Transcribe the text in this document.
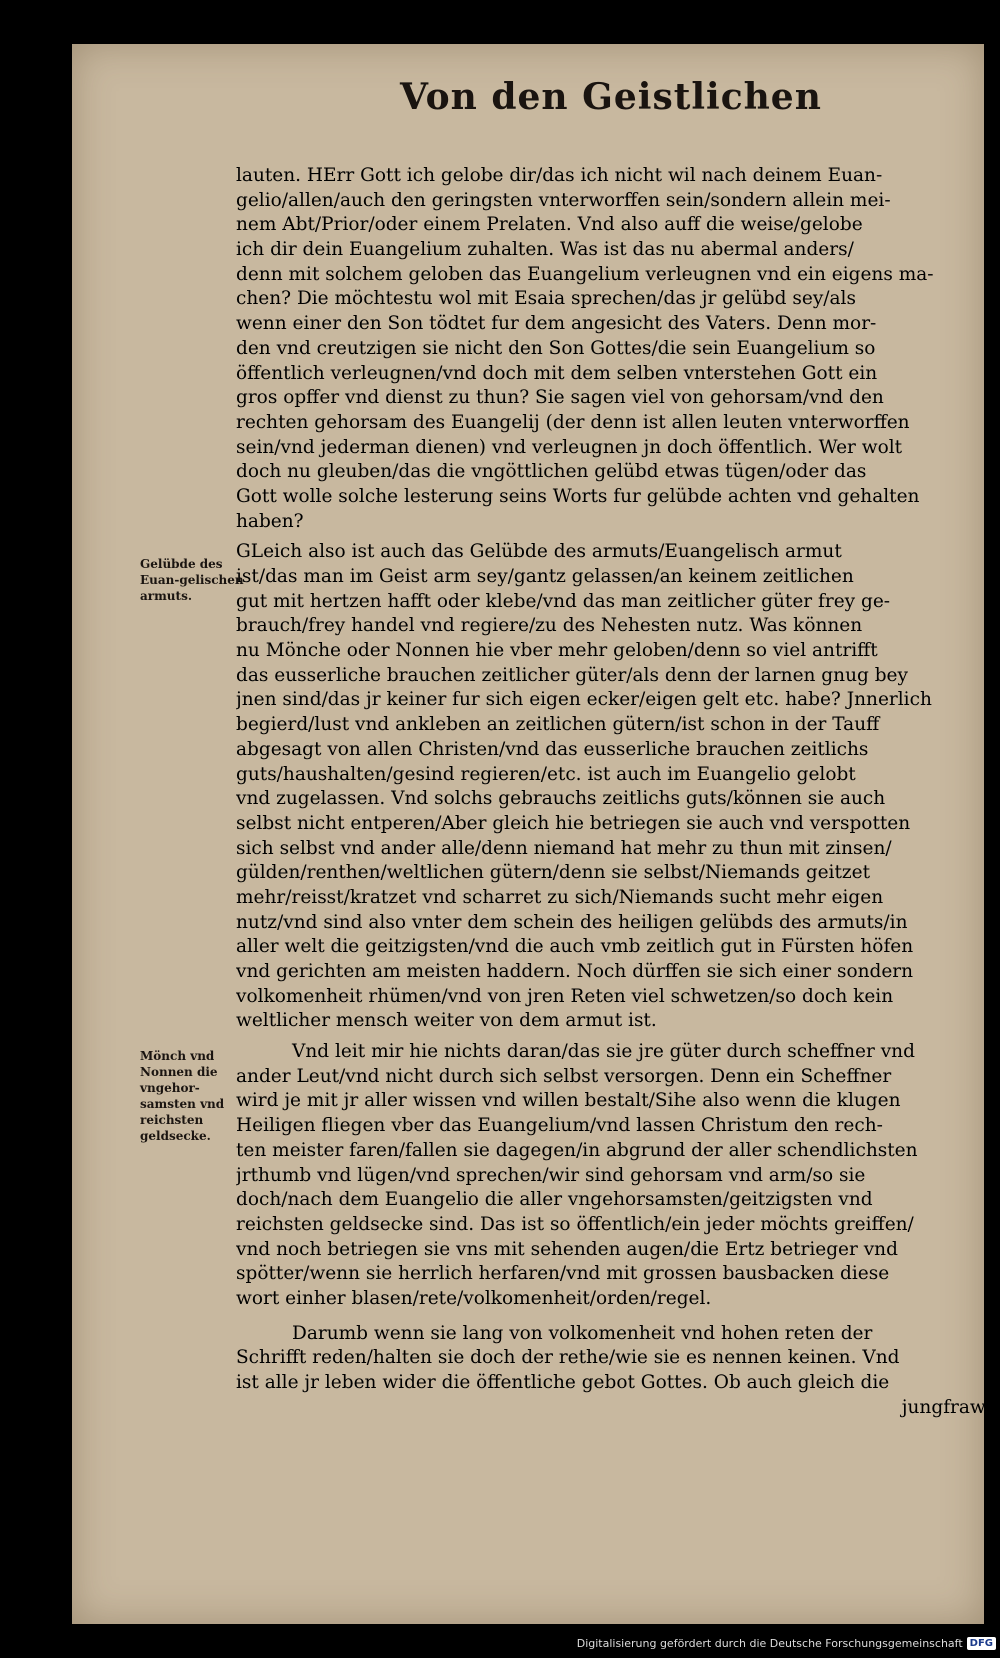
Von den Geistlichen
lauten. HErr Gott ich gelobe dir/das ich nicht wil nach deinem Euan-
gelio/allen/auch den geringsten vnterworffen sein/sondern allein mei-
nem Abt/Prior/oder einem Prelaten. Vnd also auff die weise/gelobe
ich dir dein Euangelium zuhalten. Was ist das nu abermal anders/
denn mit solchem geloben das Euangelium verleugnen vnd ein eigens ma-
chen? Die möchtestu wol mit Esaia sprechen/das jr gelübd sey/als
wenn einer den Son tödtet fur dem angesicht des Vaters. Denn mor-
den vnd creutzigen sie nicht den Son Gottes/die sein Euangelium so
öffentlich verleugnen/vnd doch mit dem selben vnterstehen Gott ein
gros opffer vnd dienst zu thun? Sie sagen viel von gehorsam/vnd den
rechten gehorsam des Euangelij (der denn ist allen leuten vnterworffen
sein/vnd jederman dienen) vnd verleugnen jn doch öffentlich. Wer wolt
doch nu gleuben/das die vngöttlichen gelübd etwas tügen/oder das
Gott wolle solche lesterung seins Worts fur gelübde achten vnd gehalten
haben?
GLeich also ist auch das Gelübde des armuts/Euangelisch armut
ist/das man im Geist arm sey/gantz gelassen/an keinem zeitlichen
gut mit hertzen hafft oder klebe/vnd das man zeitlicher güter frey ge-
brauch/frey handel vnd regiere/zu des Nehesten nutz. Was können
nu Mönche oder Nonnen hie vber mehr geloben/denn so viel antrifft
das eusserliche brauchen zeitlicher güter/als denn der larnen gnug bey
jnen sind/das jr keiner fur sich eigen ecker/eigen gelt etc. habe? Jnnerlich
begierd/lust vnd ankleben an zeitlichen gütern/ist schon in der Tauff
abgesagt von allen Christen/vnd das eusserliche brauchen zeitlichs
guts/haushalten/gesind regieren/etc. ist auch im Euangelio gelobt
vnd zugelassen. Vnd solchs gebrauchs zeitlichs guts/können sie auch
selbst nicht entperen/Aber gleich hie betriegen sie auch vnd verspotten
sich selbst vnd ander alle/denn niemand hat mehr zu thun mit zinsen/
gülden/renthen/weltlichen gütern/denn sie selbst/Niemands geitzet
mehr/reisst/kratzet vnd scharret zu sich/Niemands sucht mehr eigen
nutz/vnd sind also vnter dem schein des heiligen gelübds des armuts/in
aller welt die geitzigsten/vnd die auch vmb zeitlich gut in Fürsten höfen
vnd gerichten am meisten haddern. Noch dürffen sie sich einer sondern
volkomenheit rhümen/vnd von jren Reten viel schwetzen/so doch kein
weltlicher mensch weiter von dem armut ist.
Vnd leit mir hie nichts daran/das sie jre güter durch scheffner vnd
ander Leut/vnd nicht durch sich selbst versorgen. Denn ein Scheffner
wird je mit jr aller wissen vnd willen bestalt/Sihe also wenn die klugen
Heiligen fliegen vber das Euangelium/vnd lassen Christum den rech-
ten meister faren/fallen sie dagegen/in abgrund der aller schendlichsten
jrthumb vnd lügen/vnd sprechen/wir sind gehorsam vnd arm/so sie
doch/nach dem Euangelio die aller vngehorsamsten/geitzigsten vnd
reichsten geldsecke sind. Das ist so öffentlich/ein jeder möchts greiffen/
vnd noch betriegen sie vns mit sehenden augen/die Ertz betrieger vnd
spötter/wenn sie herrlich herfaren/vnd mit grossen bausbacken diese
wort einher blasen/rete/volkomenheit/orden/regel.
Darumb wenn sie lang von volkomenheit vnd hohen reten der
Schrifft reden/halten sie doch der rethe/wie sie es nennen keinen. Vnd
ist alle jr leben wider die öffentliche gebot Gottes. Ob auch gleich die
jungfraw-
Gelübde des Euan-gelischen armuts.
Mönch vnd Nonnen die vngehor-samsten vnd reichsten geldsecke.
Digitalisierung gefördert durch die Deutsche Forschungsgemeinschaft DFG
